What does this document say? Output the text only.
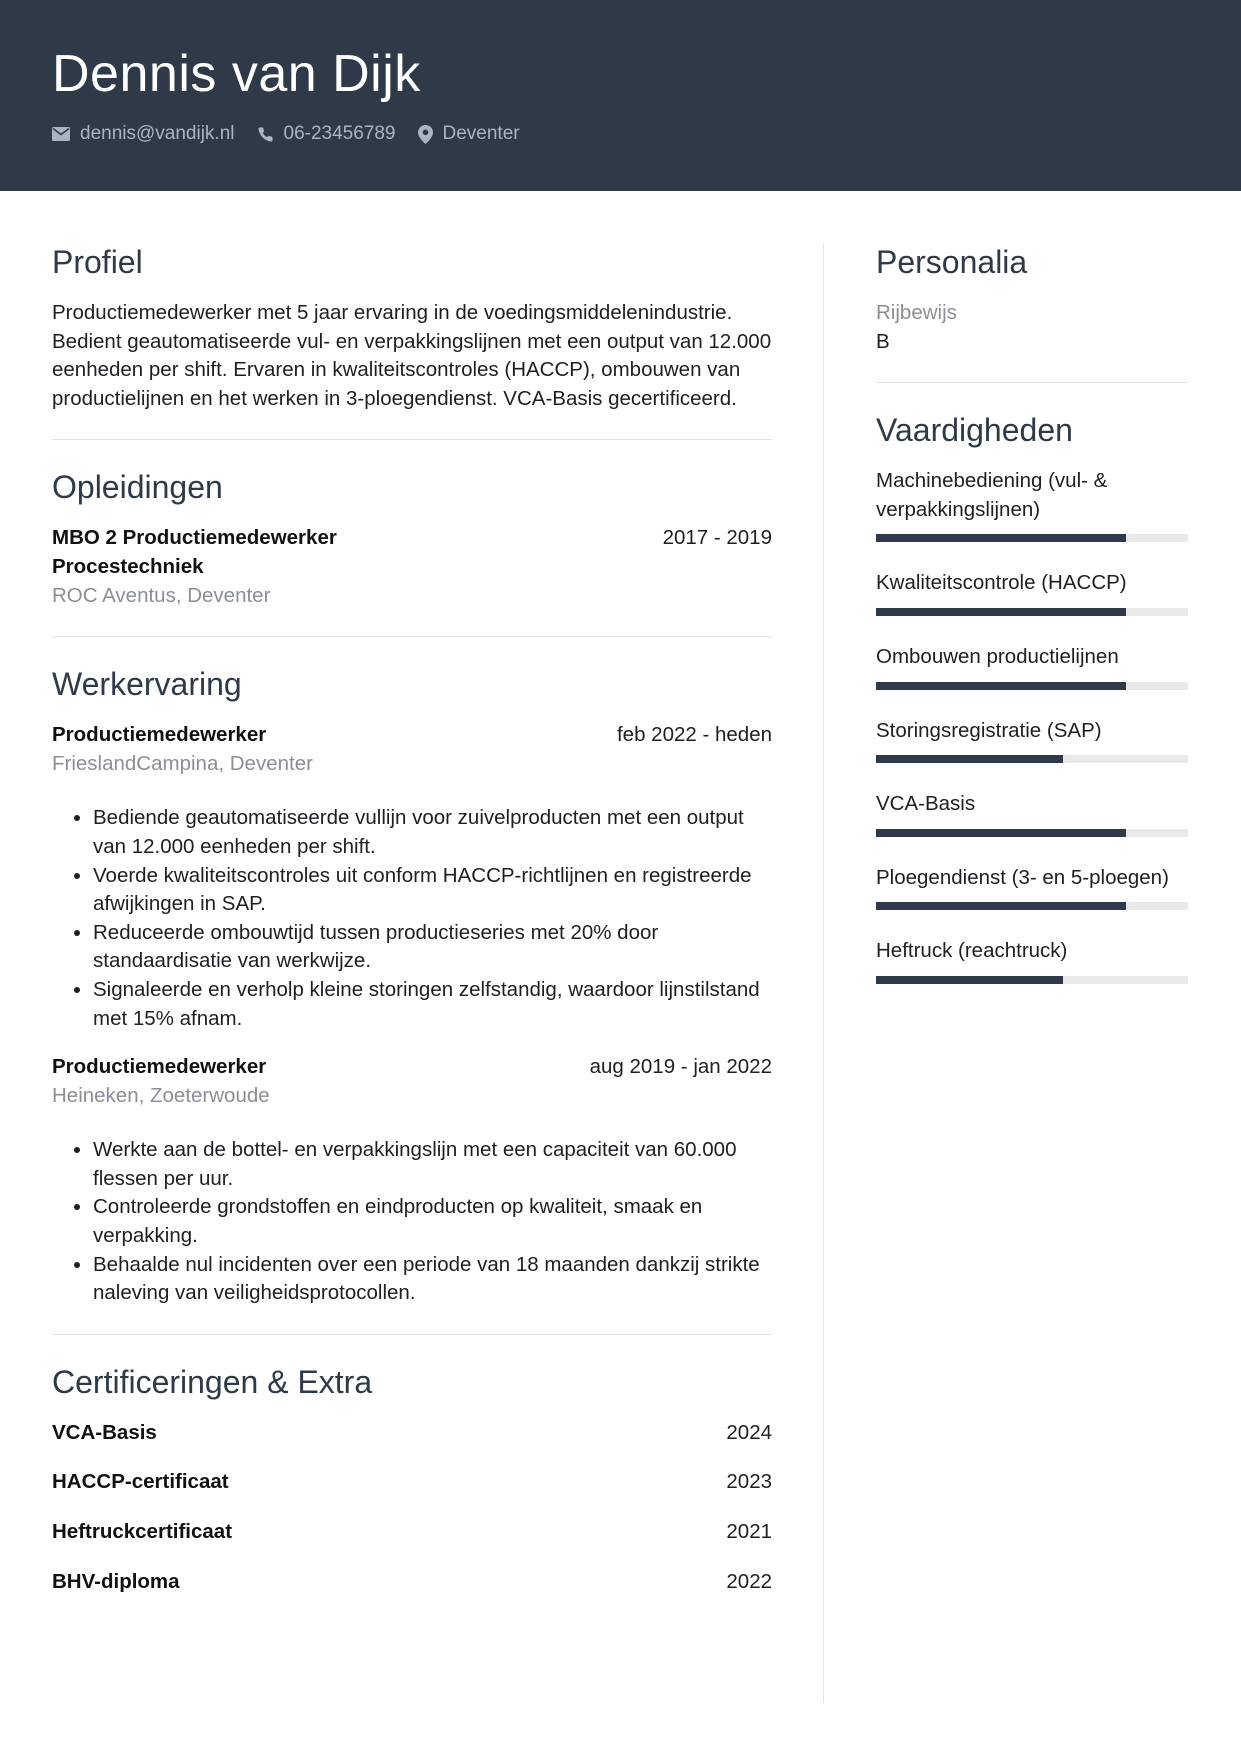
Dennis van Dijk
dennis@vandijk.nl	06-23456789 Deventer
Profiel

Productiemedewerker met 5 jaar ervaring in de voedingsmiddelenindustrie. Bedient geautomatiseerde vul- en verpakkingslijnen met een output van 12.000 eenheden per shift. Ervaren in kwaliteitscontroles (HACCP), ombouwen van productielijnen en het werken in 3-ploegendienst. VCA-Basis gecertificeerd.

Opleidingen
MBO 2 Productiemedewerker Procestechniek
2017 - 2019
ROC Aventus, Deventer
Werkervaring
Productiemedewerker	feb 2022 - heden
FrieslandCampina, Deventer
• Bediende geautomatiseerde vullijn voor zuivelproducten met een output van 12.000 eenheden per shift.
• Voerde kwaliteitscontroles uit conform HACCP-richtlijnen en registreerde afwijkingen in SAP.
• Reduceerde ombouwtijd tussen productieseries met 20% door standaardisatie van werkwijze.
• Signaleerde en verholp kleine storingen zelfstandig, waardoor lijnstilstand met 15% afnam.
Productiemedewerker	aug 2019 - jan 2022
Heineken, Zoeterwoude
• Werkte aan de bottel- en verpakkingslijn met een capaciteit van 60.000 flessen per uur.
• Controleerde grondstoffen en eindproducten op kwaliteit, smaak en verpakking.
• Behaalde nul incidenten over een periode van 18 maanden dankzij strikte naleving van veiligheidsprotocollen.
Certificeringen & Extra
VCA-Basis	2024
HACCP-certificaat	2023
Heftruckcertificaat	2021
BHV-diploma	2022
Personalia
Rijbewijs
B
Vaardigheden
Machinebediening (vul- & verpakkingslijnen)
Kwaliteitscontrole (HACCP)
Ombouwen productielijnen
Storingsregistratie (SAP)
VCA-Basis
Ploegendienst (3- en 5-ploegen)
Heftruck (reachtruck)
